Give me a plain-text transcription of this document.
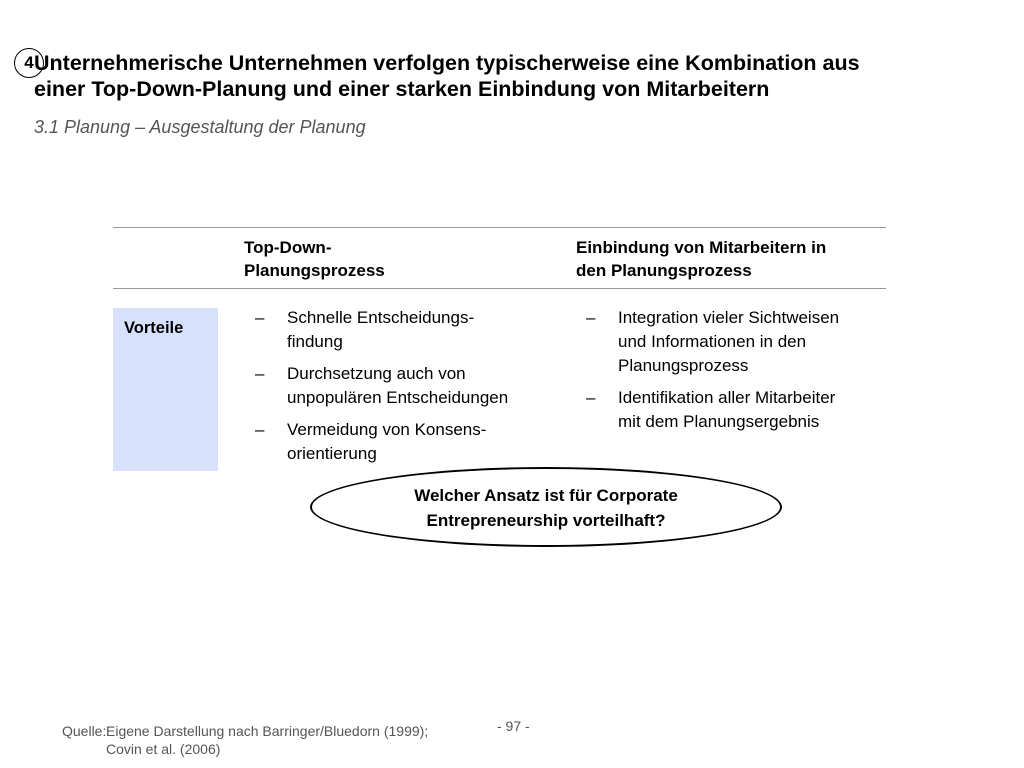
4 Unternehmerische Unternehmen verfolgen typischerweise eine Kombination aus
einer Top-Down-Planung und einer starken Einbindung von Mitarbeitern
3.1 Planung – Ausgestaltung der Planung
Top-Down-
Planungsprozess
Einbindung von Mitarbeitern in
den Planungsprozess
Vorteile
– Schnelle Entscheidungs-
findung
– Durchsetzung auch von
unpopulären Entscheidungen
– Vermeidung von Konsens-
orientierung
– Integration vieler Sichtweisen
und Informationen in den
Planungsprozess
– Identifikation aller Mitarbeiter
mit dem Planungsergebnis
Welcher Ansatz ist für Corporate
Entrepreneurship vorteilhaft?
Quelle: Eigene Darstellung nach Barringer/Bluedorn (1999);
Covin et al. (2006)
- 97 -
